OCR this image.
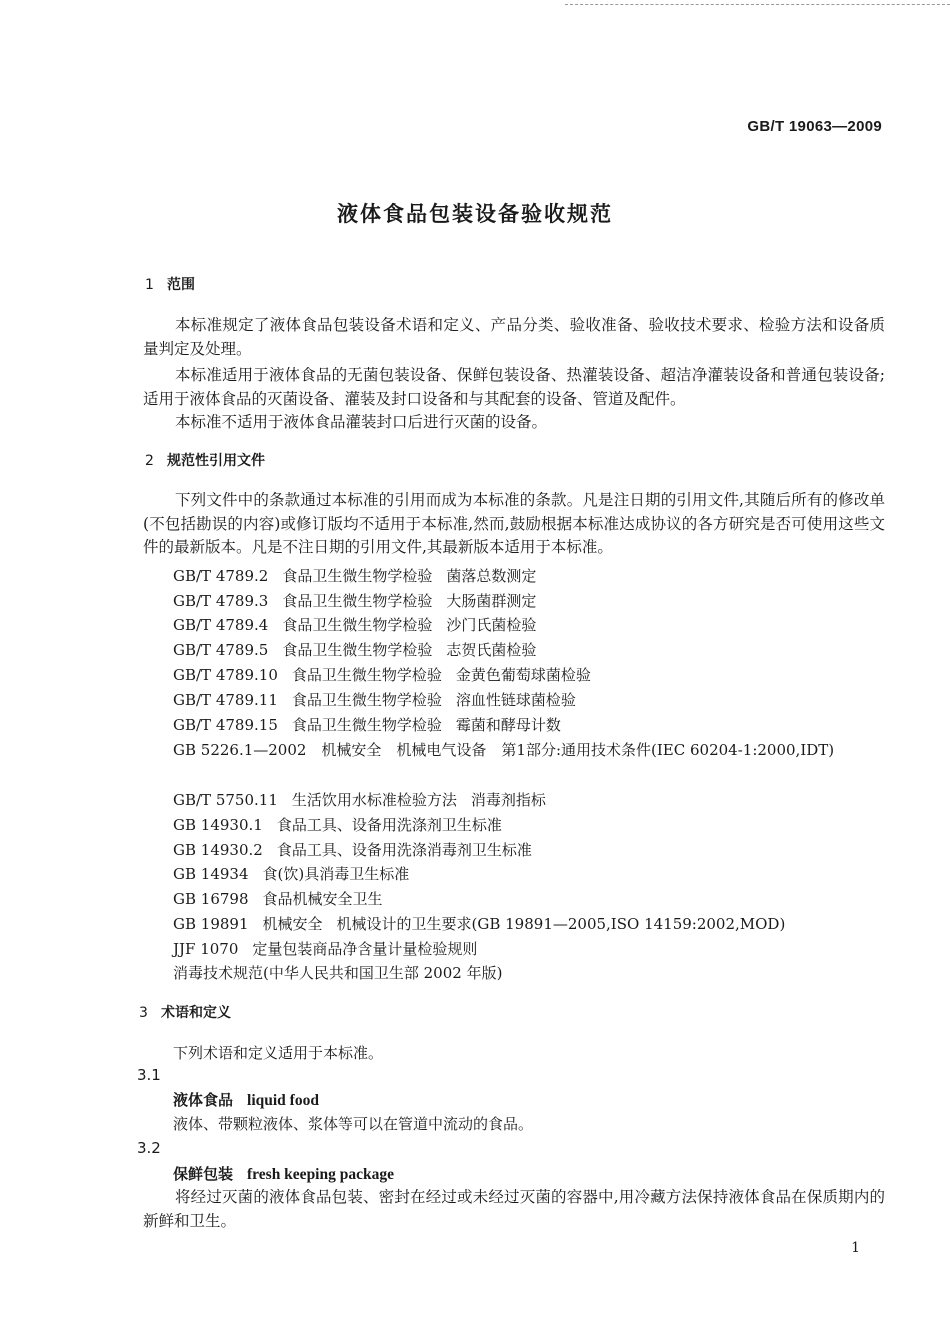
GB/T 19063—2009
液体食品包装设备验收规范
1 范围
本标准规定了液体食品包装设备术语和定义、产品分类、验收准备、验收技术要求、检验方法和设备质量判定及处理。
本标准适用于液体食品的无菌包装设备、保鲜包装设备、热灌装设备、超洁净灌装设备和普通包装设备;适用于液体食品的灭菌设备、灌装及封口设备和与其配套的设备、管道及配件。
本标准不适用于液体食品灌装封口后进行灭菌的设备。
2 规范性引用文件
下列文件中的条款通过本标准的引用而成为本标准的条款。凡是注日期的引用文件,其随后所有的修改单(不包括勘误的内容)或修订版均不适用于本标准,然而,鼓励根据本标准达成协议的各方研究是否可使用这些文件的最新版本。凡是不注日期的引用文件,其最新版本适用于本标准。
GB/T 4789.2 食品卫生微生物学检验 菌落总数测定
GB/T 4789.3 食品卫生微生物学检验 大肠菌群测定
GB/T 4789.4 食品卫生微生物学检验 沙门氏菌检验
GB/T 4789.5 食品卫生微生物学检验 志贺氏菌检验
GB/T 4789.10 食品卫生微生物学检验 金黄色葡萄球菌检验
GB/T 4789.11 食品卫生微生物学检验 溶血性链球菌检验
GB/T 4789.15 食品卫生微生物学检验 霉菌和酵母计数
GB 5226.1—2002　机械安全　机械电气设备　第1部分:通用技术条件(IEC 60204-1:2000,IDT)
GB/T 5750.11 生活饮用水标准检验方法 消毒剂指标
GB 14930.1 食品工具、设备用洗涤剂卫生标准
GB 14930.2 食品工具、设备用洗涤消毒剂卫生标准
GB 14934 食(饮)具消毒卫生标准
GB 16798 食品机械安全卫生
GB 19891 机械安全 机械设计的卫生要求(GB 19891—2005,ISO 14159:2002,MOD)
JJF 1070 定量包装商品净含量计量检验规则
消毒技术规范(中华人民共和国卫生部 2002 年版)
3 术语和定义
下列术语和定义适用于本标准。
3.1
液体食品 liquid food
液体、带颗粒液体、浆体等可以在管道中流动的食品。
3.2
保鲜包装 fresh keeping package
将经过灭菌的液体食品包装、密封在经过或未经过灭菌的容器中,用冷藏方法保持液体食品在保质期内的新鲜和卫生。
1
